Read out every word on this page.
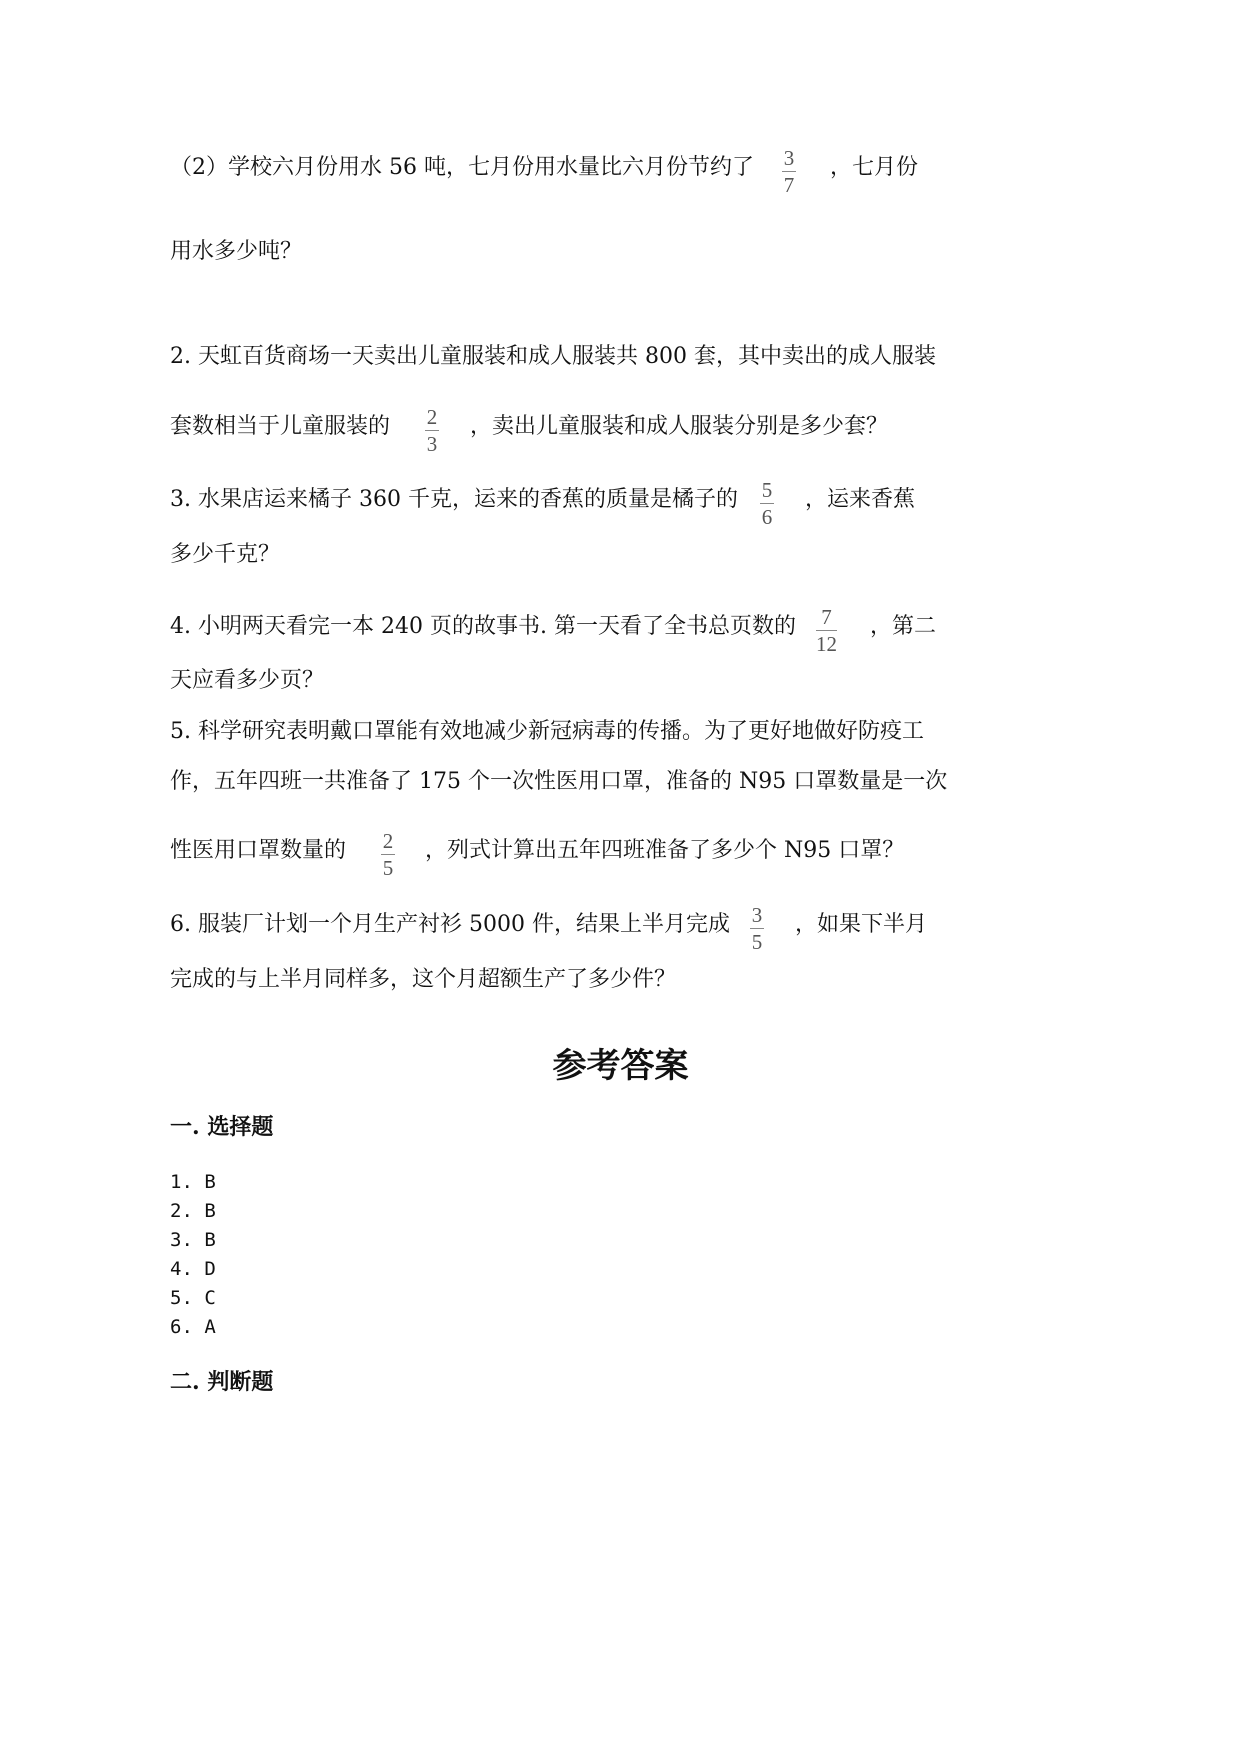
（2）学校六月份用水 56 吨，七月份用水量比六月份节约了 3
7
，七月份
用水多少吨？
2. 天虹百货商场一天卖出儿童服装和成人服装共 800 套，其中卖出的成人服装
套数相当于儿童服装的 2
3
，卖出儿童服装和成人服装分别是多少套？
3. 水果店运来橘子 360 千克，运来的香蕉的质量是橘子的 5
6
，运来香蕉
多少千克？
4. 小明两天看完一本 240 页的故事书. 第一天看了全书总页数的 7
12
，第二
天应看多少页？
5. 科学研究表明戴口罩能有效地减少新冠病毒的传播。为了更好地做好防疫工
作，五年四班一共准备了 175 个一次性医用口罩，准备的 N95 口罩数量是一次
性医用口罩数量的 2
5
，列式计算出五年四班准备了多少个 N95 口罩？
6. 服装厂计划一个月生产衬衫 5000 件，结果上半月完成 3
5
，如果下半月
完成的与上半月同样多，这个月超额生产了多少件？
参考答案
一. 选择题
1. B
2. B
3. B
4. D
5. C
6. A
二. 判断题
